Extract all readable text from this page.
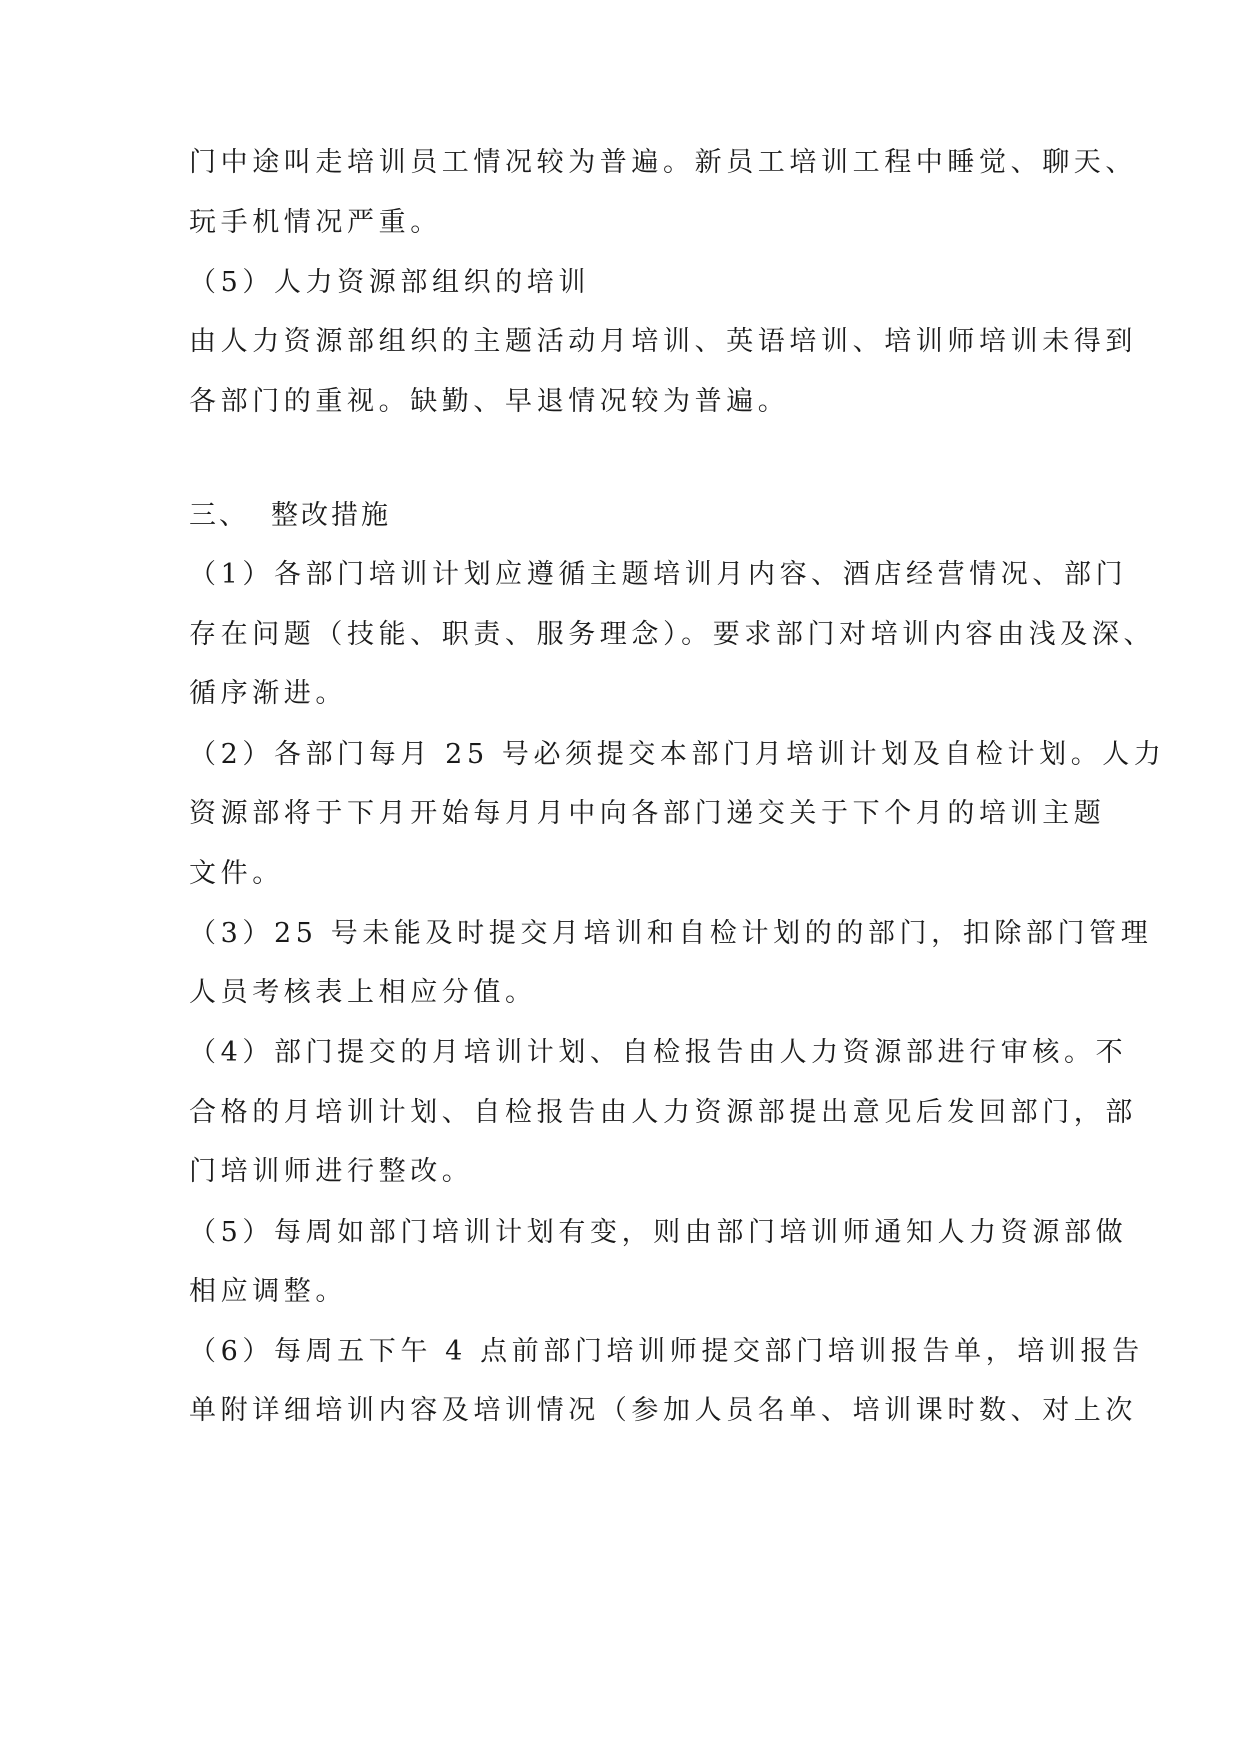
门中途叫走培训员工情况较为普遍。新员工培训工程中睡觉、聊天、
玩手机情况严重。
（5）人力资源部组织的培训
由人力资源部组织的主题活动月培训、英语培训、培训师培训未得到
各部门的重视。缺勤、早退情况较为普遍。
三、 整改措施
（1）各部门培训计划应遵循主题培训月内容、酒店经营情况、部门
存在问题（技能、职责、服务理念）。要求部门对培训内容由浅及深、
循序渐进。
（2）各部门每月 25 号必须提交本部门月培训计划及自检计划。人力
资源部将于下月开始每月月中向各部门递交关于下个月的培训主题
文件。
（3）25 号未能及时提交月培训和自检计划的的部门，扣除部门管理
人员考核表上相应分值。
（4）部门提交的月培训计划、自检报告由人力资源部进行审核。不
合格的月培训计划、自检报告由人力资源部提出意见后发回部门，部
门培训师进行整改。
（5）每周如部门培训计划有变，则由部门培训师通知人力资源部做
相应调整。
（6）每周五下午 4 点前部门培训师提交部门培训报告单，培训报告
单附详细培训内容及培训情况（参加人员名单、培训课时数、对上次
